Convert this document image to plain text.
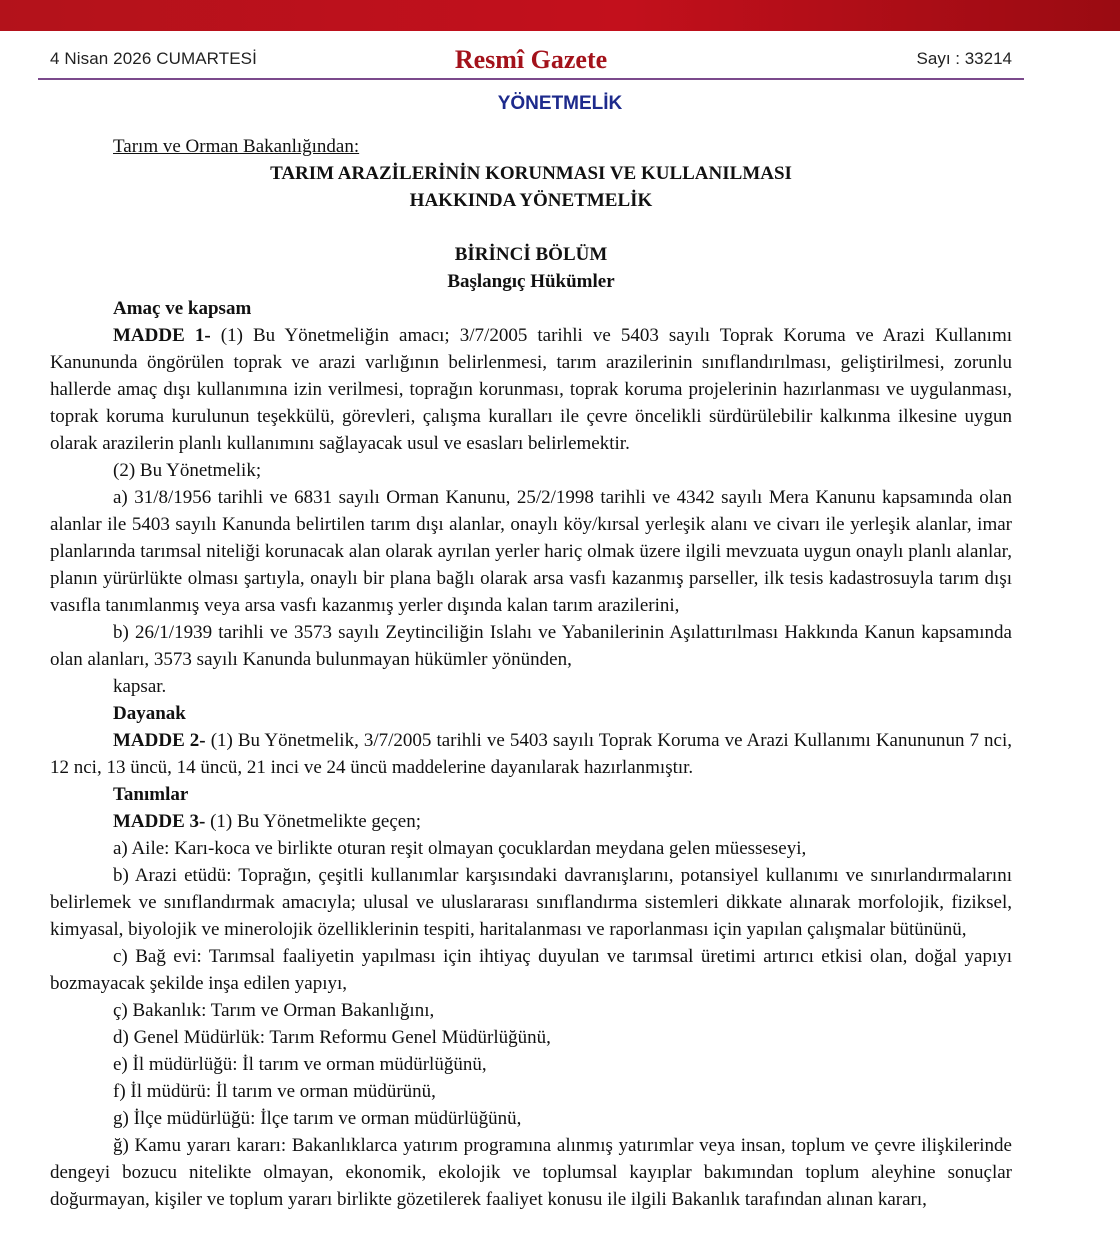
4 Nisan 2026 CUMARTESİ	Resmî Gazete	Sayı : 33214
YÖNETMELİK

Tarım ve Orman Bakanlığından:

TARIM ARAZİLERİNİN KORUNMASI VE KULLANILMASI

HAKKINDA YÖNETMELİK

BİRİNCİ BÖLÜM

Başlangıç Hükümler

Amaç ve kapsam

MADDE 1- (1) Bu Yönetmeliğin amacı; 3/7/2005 tarihli ve 5403 sayılı Toprak Koruma ve Arazi Kullanımı Kanununda öngörülen toprak ve arazi varlığının belirlenmesi, tarım arazilerinin sınıflandırılması, geliştirilmesi, zorunlu hallerde amaç dışı kullanımına izin verilmesi, toprağın korunması, toprak koruma projelerinin hazırlanması ve uygulanması, toprak koruma kurulunun teşekkülü, görevleri, çalışma kuralları ile çevre öncelikli sürdürülebilir kalkınma ilkesine uygun olarak arazilerin planlı kullanımını sağlayacak usul ve esasları belirlemektir.

(2) Bu Yönetmelik;

a) 31/8/1956 tarihli ve 6831 sayılı Orman Kanunu, 25/2/1998 tarihli ve 4342 sayılı Mera Kanunu kapsamında olan alanlar ile 5403 sayılı Kanunda belirtilen tarım dışı alanlar, onaylı köy/kırsal yerleşik alanı ve civarı ile yerleşik alanlar, imar planlarında tarımsal niteliği korunacak alan olarak ayrılan yerler hariç olmak üzere ilgili mevzuata uygun onaylı planlı alanlar, planın yürürlükte olması şartıyla, onaylı bir plana bağlı olarak arsa vasfı kazanmış parseller, ilk tesis kadastrosuyla tarım dışı vasıfla tanımlanmış veya arsa vasfı kazanmış yerler dışında kalan tarım arazilerini,

b) 26/1/1939 tarihli ve 3573 sayılı Zeytinciliğin Islahı ve Yabanilerinin Aşılattırılması Hakkında Kanun kapsamında olan alanları, 3573 sayılı Kanunda bulunmayan hükümler yönünden,

kapsar.

Dayanak

MADDE 2- (1) Bu Yönetmelik, 3/7/2005 tarihli ve 5403 sayılı Toprak Koruma ve Arazi Kullanımı Kanununun 7 nci, 12 nci, 13 üncü, 14 üncü, 21 inci ve 24 üncü maddelerine dayanılarak hazırlanmıştır.

Tanımlar

MADDE 3- (1) Bu Yönetmelikte geçen;

a) Aile: Karı-koca ve birlikte oturan reşit olmayan çocuklardan meydana gelen müesseseyi,

b) Arazi etüdü: Toprağın, çeşitli kullanımlar karşısındaki davranışlarını, potansiyel kullanımı ve sınırlandırmalarını belirlemek ve sınıflandırmak amacıyla; ulusal ve uluslararası sınıflandırma sistemleri dikkate alınarak morfolojik, fiziksel, kimyasal, biyolojik ve minerolojik özelliklerinin tespiti, haritalanması ve raporlanması için yapılan çalışmalar bütününü,

c) Bağ evi: Tarımsal faaliyetin yapılması için ihtiyaç duyulan ve tarımsal üretimi artırıcı etkisi olan, doğal yapıyı bozmayacak şekilde inşa edilen yapıyı,

ç) Bakanlık: Tarım ve Orman Bakanlığını,

d) Genel Müdürlük: Tarım Reformu Genel Müdürlüğünü,

e) İl müdürlüğü: İl tarım ve orman müdürlüğünü,

f) İl müdürü: İl tarım ve orman müdürünü,

g) İlçe müdürlüğü: İlçe tarım ve orman müdürlüğünü,

ğ) Kamu yararı kararı: Bakanlıklarca yatırım programına alınmış yatırımlar veya insan, toplum ve çevre ilişkilerinde dengeyi bozucu nitelikte olmayan, ekonomik, ekolojik ve toplumsal kayıplar bakımından toplum aleyhine sonuçlar doğurmayan, kişiler ve toplum yararı birlikte gözetilerek faaliyet konusu ile ilgili Bakanlık tarafından alınan kararı,
